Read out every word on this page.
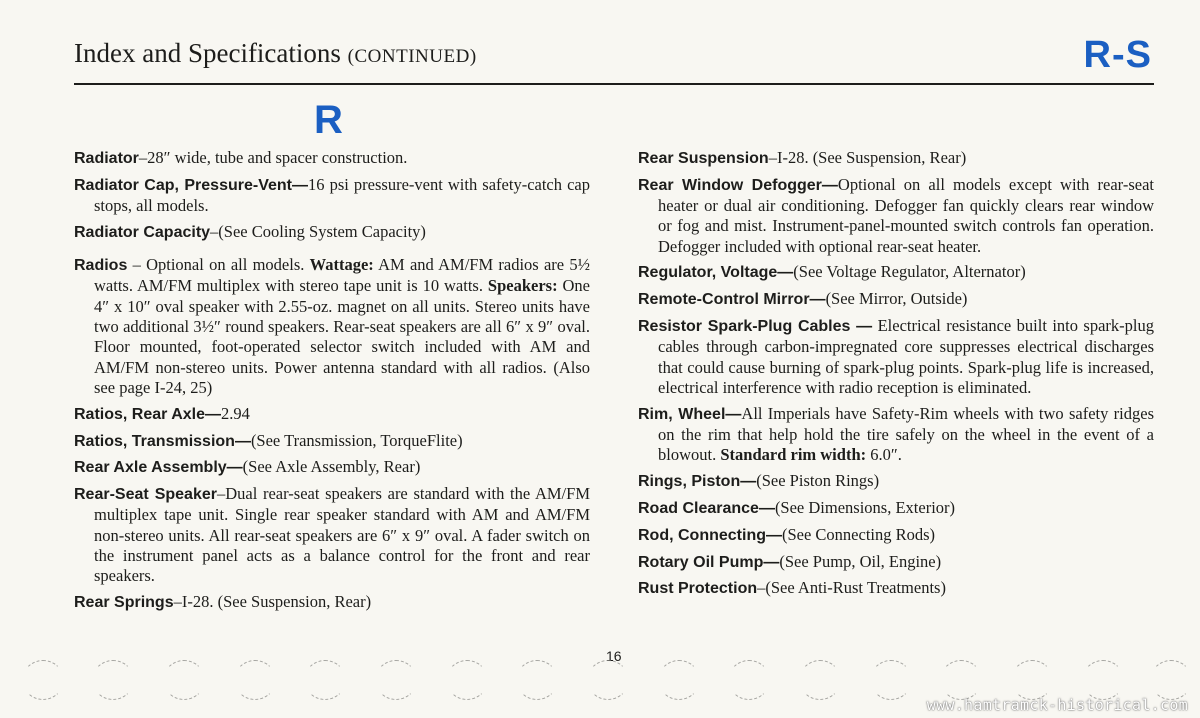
Index and Specifications (CONTINUED)	R-S
R
Radiator–28″ wide, tube and spacer construction.
Radiator Cap, Pressure-Vent—16 psi pressure-vent with safety-catch cap stops, all models.
Radiator Capacity–(See Cooling System Capacity)
Radios – Optional on all models. Wattage: AM and AM/FM radios are 5½ watts. AM/FM multiplex with stereo tape unit is 10 watts. Speakers: One 4″ x 10″ oval speaker with 2.55-oz. magnet on all units. Stereo units have two additional 3½″ round speakers. Rear-seat speakers are all 6″ x 9″ oval. Floor mounted, foot-operated selector switch included with AM and AM/FM non-stereo units. Power antenna standard with all radios. (Also see page I-24, 25)
Ratios, Rear Axle—2.94
Ratios, Transmission—(See Transmission, TorqueFlite)
Rear Axle Assembly—(See Axle Assembly, Rear)
Rear-Seat Speaker–Dual rear-seat speakers are standard with the AM/FM multiplex tape unit. Single rear speaker standard with AM and AM/FM non-stereo units. All rear-seat speakers are 6″ x 9″ oval. A fader switch on the instrument panel acts as a balance control for the front and rear speakers.
Rear Springs–I-28. (See Suspension, Rear)
Rear Suspension–I-28. (See Suspension, Rear)
Rear Window Defogger—Optional on all models except with rear-seat heater or dual air conditioning. Defogger fan quickly clears rear window or fog and mist. Instrument-panel-mounted switch controls fan operation. Defogger included with optional rear-seat heater.
Regulator, Voltage—(See Voltage Regulator, Alternator)
Remote-Control Mirror—(See Mirror, Outside)
Resistor Spark-Plug Cables — Electrical resistance built into spark-plug cables through carbon-impregnated core suppresses electrical discharges that could cause burning of spark-plug points. Spark-plug life is increased, electrical interference with radio reception is eliminated.
Rim, Wheel—All Imperials have Safety-Rim wheels with two safety ridges on the rim that help hold the tire safely on the wheel in the event of a blowout. Standard rim width: 6.0″.
Rings, Piston—(See Piston Rings)
Road Clearance—(See Dimensions, Exterior)
Rod, Connecting—(See Connecting Rods)
Rotary Oil Pump—(See Pump, Oil, Engine)
Rust Protection–(See Anti-Rust Treatments)
16
www.hamtramck-historical.com
